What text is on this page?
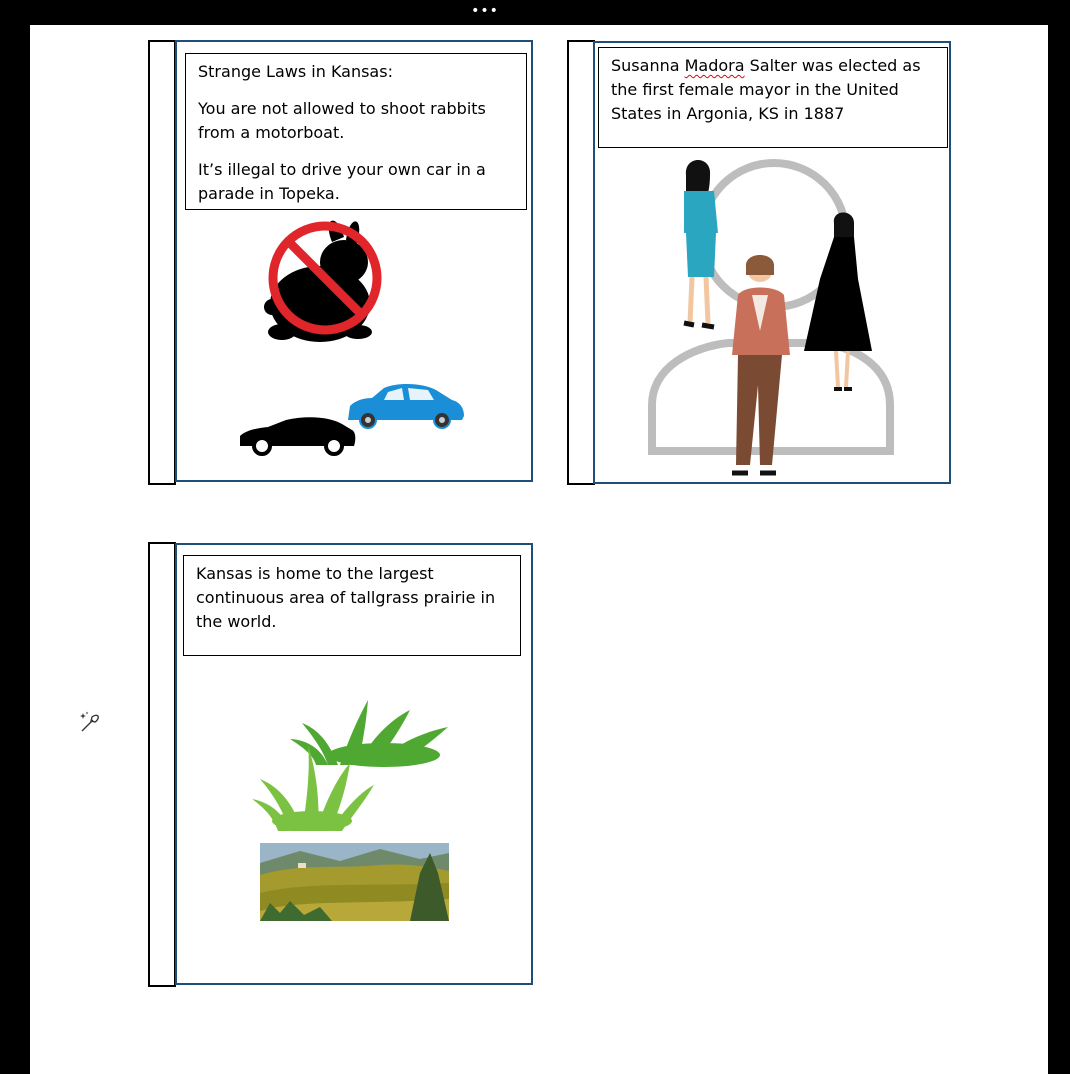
•••

Strange Laws in Kansas:

You are not allowed to shoot rabbits from a motorboat.

It’s illegal to drive your own car in a parade in Topeka.

Susanna Madora Salter was elected as the first female mayor in the United States in Argonia, KS in 1887

Kansas is home to the largest continuous area of tallgrass prairie in the world.
